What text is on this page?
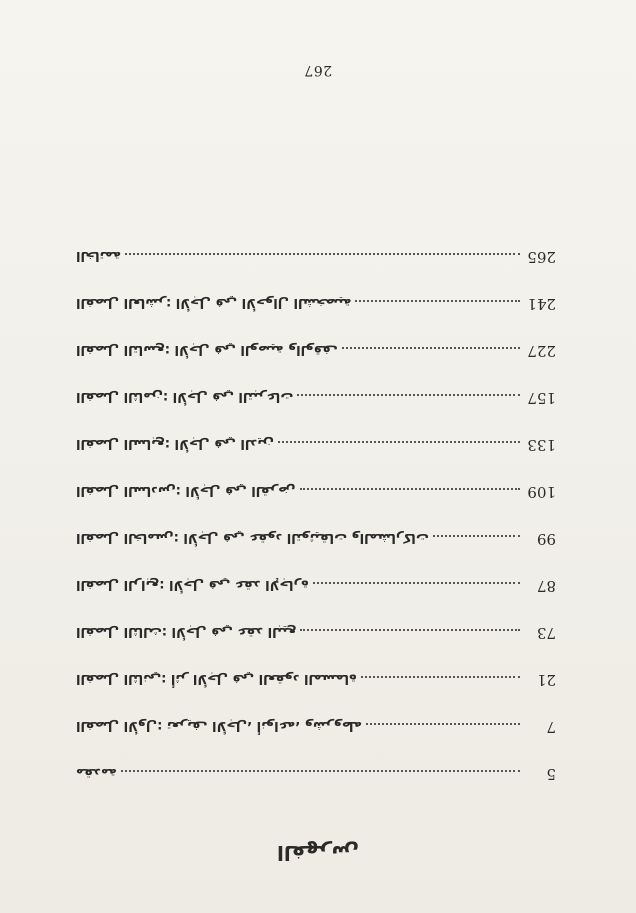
الفهرس
مقدمة	5
الفصل الأول: تعريف الأجل، أنواعه، وشروطه	7
الفصل الثاني: أثر الأجل في العقود المسماة	21
الفصل الثالث: الأجل في عقد البيع	73
الفصل الرابع: الأجل في عقد الإجارة	87
الفصل الخامس: الأجل في عقود التوثيقات والمشاركات	99
الفصل السادس: الأجل في القرض	109
الفصل السابع: الأجل في الدين	133
الفصل الثامن: الأجل في التبرعات	157
الفصل التاسع: الأجل في الوصية والوقف	227
الفصل العاشر: الأجل في الأحوال الشخصية	241
الخاتمة	265
267
